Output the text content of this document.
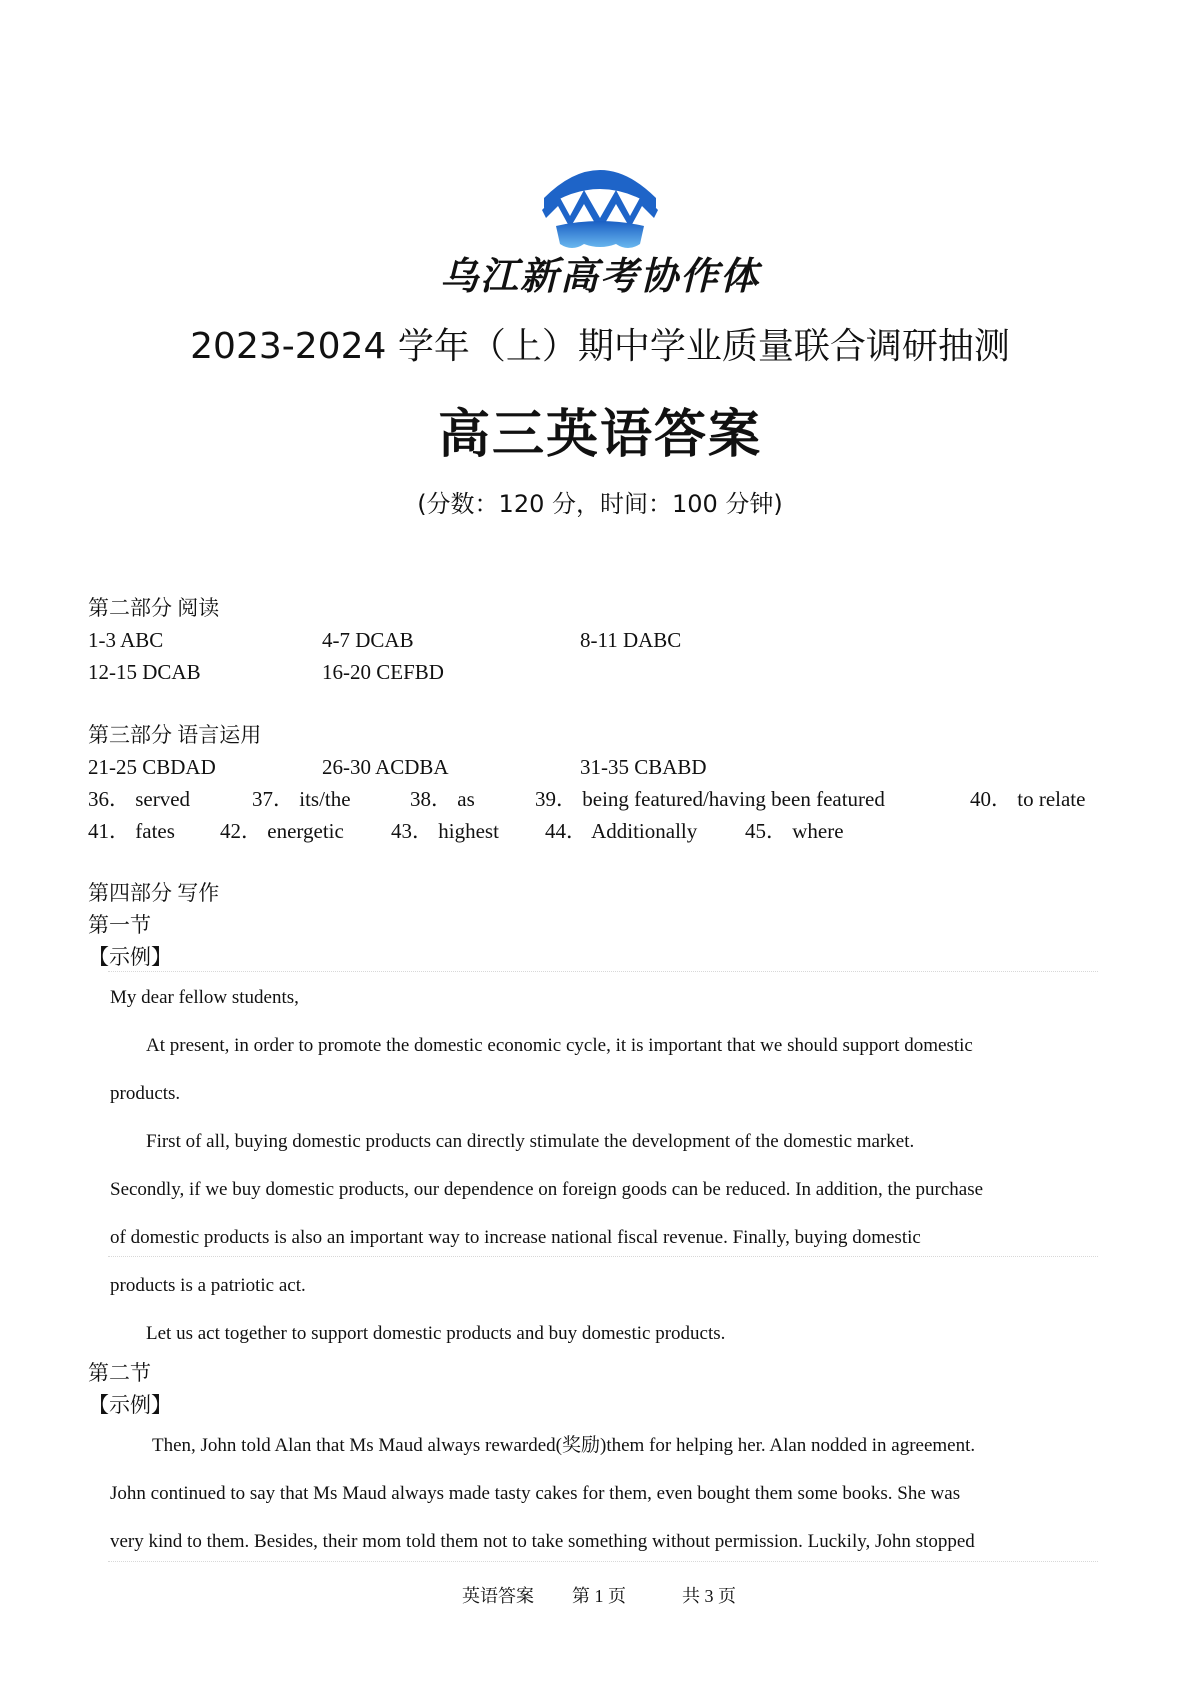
乌江新高考协作体
2023-2024 学年（上）期中学业质量联合调研抽测
高三英语答案
(分数：120 分，时间：100 分钟)
第二部分 阅读
1-3 ABC	4-7 DCAB	8-11 DABC
12-15 DCAB	16-20 CEFBD
第三部分 语言运用
21-25 CBDAD	26-30 ACDBA	31-35 CBABD
36． served	37． its/the	38． as	39． being featured/having been featured	40． to relate
41． fates 42． energetic 43． highest 44． Additionally 45． where
第四部分 写作
第一节
【示例】
My dear fellow students,
At present, in order to promote the domestic economic cycle, it is important that we should support domestic
products.
First of all, buying domestic products can directly stimulate the development of the domestic market.
Secondly, if we buy domestic products, our dependence on foreign goods can be reduced. In addition, the purchase
of domestic products is also an important way to increase national fiscal revenue. Finally, buying domestic
products is a patriotic act.
Let us act together to support domestic products and buy domestic products.
第二节
【示例】
Then, John told Alan that Ms Maud always rewarded(奖励)them for helping her. Alan nodded in agreement.
John continued to say that Ms Maud always made tasty cakes for them, even bought them some books. She was
very kind to them. Besides, their mom told them not to take something without permission. Luckily, John stopped
英语答案 第 1 页	共 3 页
